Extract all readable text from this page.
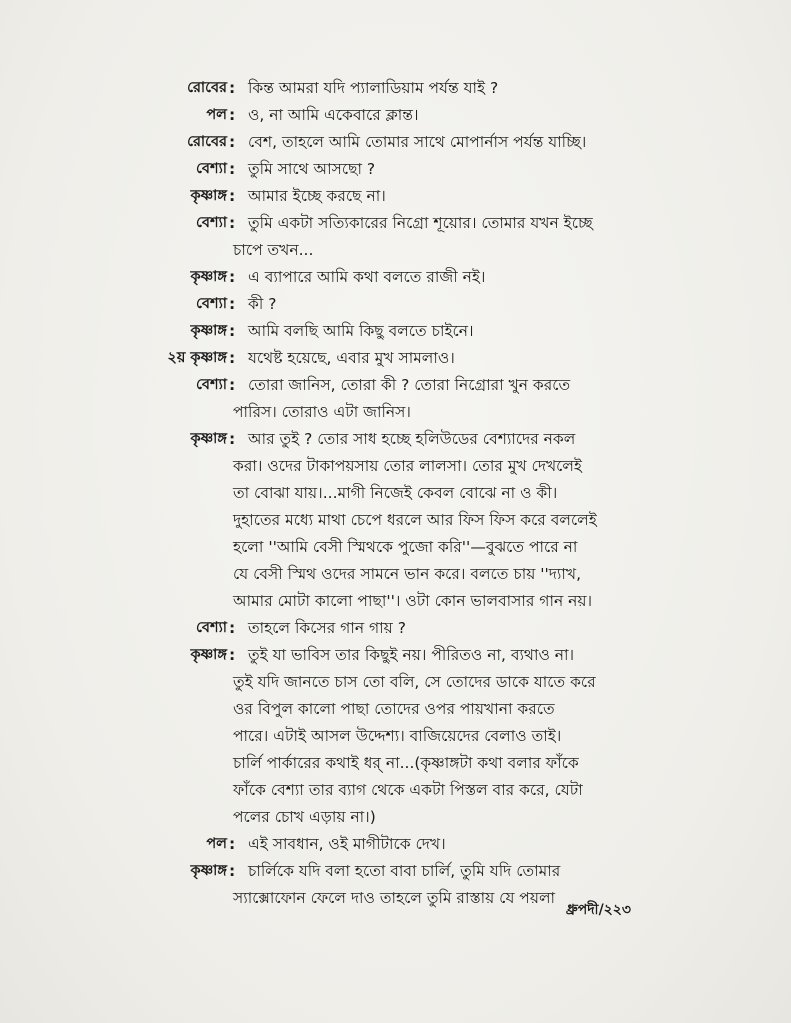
রোবের : কিন্ত আমরা যদি প্যালাডিয়াম পর্যন্ত যাই ?
পল : ও, না আমি একেবারে ক্লান্ত।
রোবের : বেশ, তাহলে আমি তোমার সাথে মোপার্নাস পর্যন্ত যাচ্ছি।
বেশ্যা : তুমি সাথে আসছো ?
কৃষ্ণাঙ্গ : আমার ইচ্ছে করছে না।
বেশ্যা : তুমি একটা সত্যিকারের নিগ্রো শূয়োর। তোমার যখন ইচ্ছে
চাপে তখন...
কৃষ্ণাঙ্গ : এ ব্যাপারে আমি কথা বলতে রাজী নই।
বেশ্যা : কী ?
কৃষ্ণাঙ্গ : আমি বলছি আমি কিছু বলতে চাইনে।
২য় কৃষ্ণাঙ্গ : যথেষ্ট হয়েছে, এবার মুখ সামলাও।
বেশ্যা : তোরা জানিস, তোরা কী ? তোরা নিগ্রোরা খুন করতে
পারিস। তোরাও এটা জানিস।
কৃষ্ণাঙ্গ : আর তুই ? তোর সাধ হচ্ছে হলিউডের বেশ্যাদের নকল
করা। ওদের টাকাপয়সায় তোর লালসা। তোর মুখ দেখলেই
তা বোঝা যায়।...মাগী নিজেই কেবল বোঝে না ও কী।
দুহাতের মধ্যে মাথা চেপে ধরলে আর ফিস ফিস করে বললেই
হলো ''আমি বেসী স্মিথকে পুজো করি''—বুঝতে পারে না
যে বেসী স্মিথ ওদের সামনে ভান করে। বলতে চায় ''দ্যাখ,
আমার মোটা কালো পাছা''। ওটা কোন ভালবাসার গান নয়।
বেশ্যা : তাহলে কিসের গান গায় ?
কৃষ্ণাঙ্গ : তুই যা ভাবিস তার কিছুই নয়। পীরিতও না, ব্যথাও না।
তুই যদি জানতে চাস তো বলি, সে তোদের ডাকে যাতে করে
ওর বিপুল কালো পাছা তোদের ওপর পায়খানা করতে
পারে। এটাই আসল উদ্দেশ্য। বাজিয়েদের বেলাও তাই।
চার্লি পার্কারের কথাই ধর্ না...(কৃষ্ণাঙ্গটা কথা বলার ফাঁকে
ফাঁকে বেশ্যা তার ব্যাগ থেকে একটা পিস্তল বার করে, যেটা
পলের চোখ এড়ায় না।)
পল : এই সাবধান, ওই মাগীটাকে দেখ।
কৃষ্ণাঙ্গ : চার্লিকে যদি বলা হতো বাবা চার্লি, তুমি যদি তোমার
স্যাক্সোফোন ফেলে দাও তাহলে তুমি রাস্তায় যে পয়লা
ধ্রুপদী/২২৩
